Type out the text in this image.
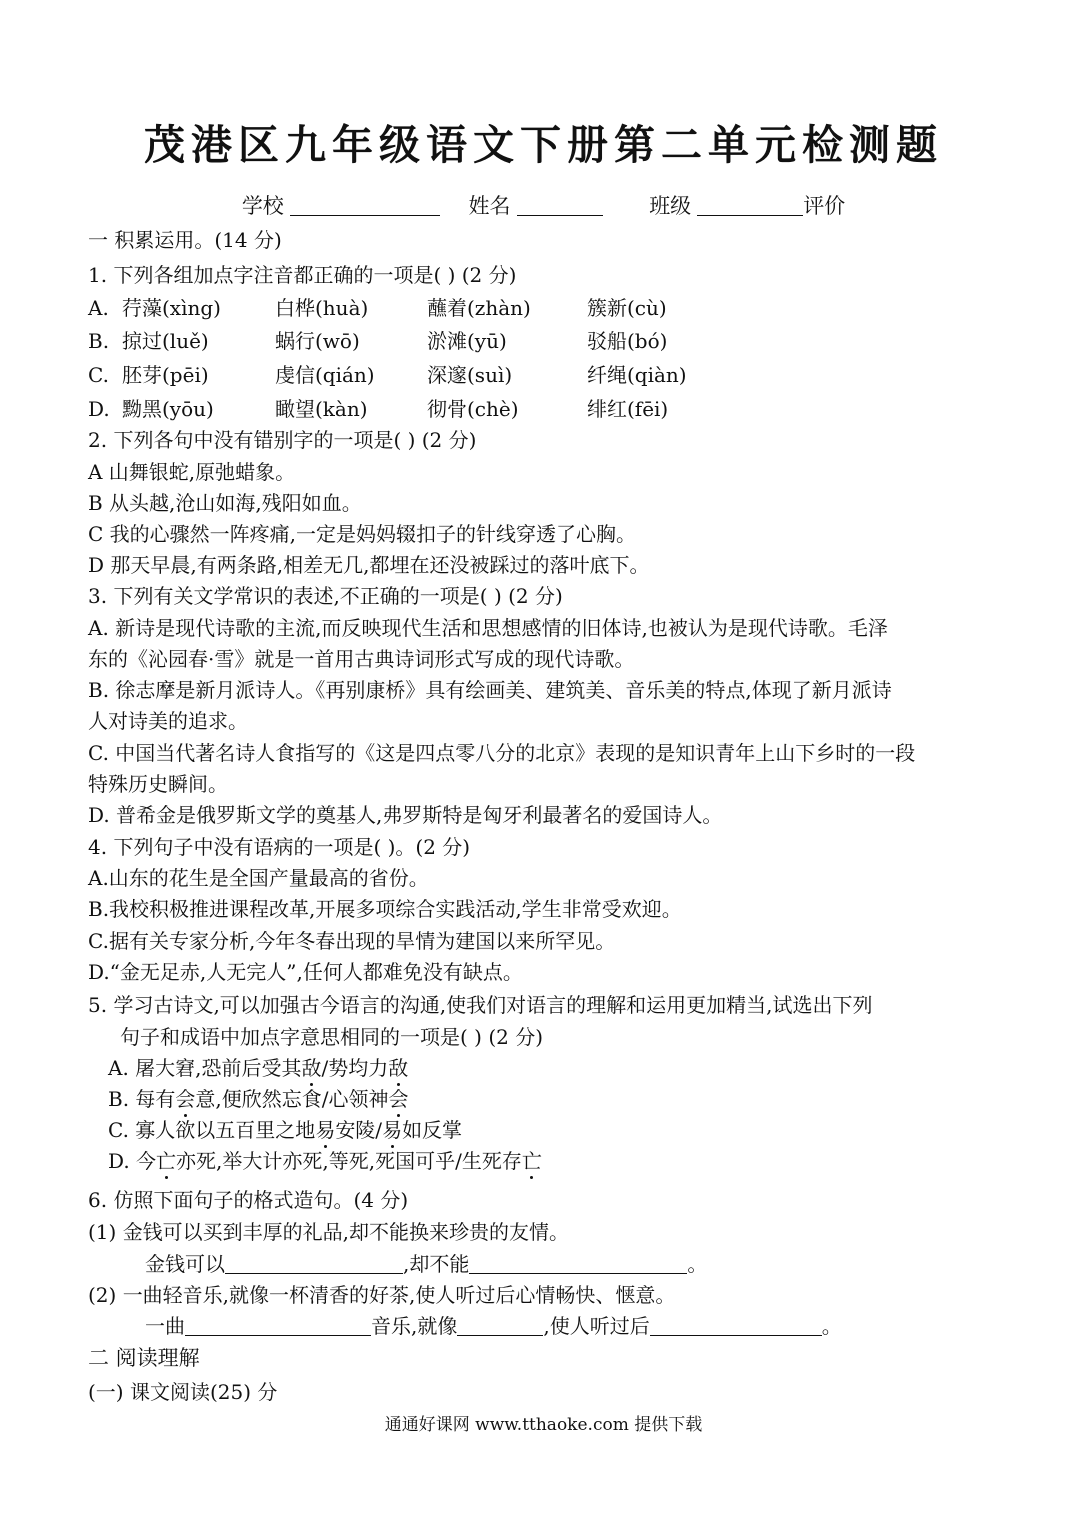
茂港区九年级语文下册第二单元检测题
学校	姓名	班级	评价
一 积累运用。(14 分)
1. 下列各组加点字注音都正确的一项是( ) (2 分)
A. 荇藻(xìng)	白桦(huà)	蘸着(zhàn)	簇新(cù)
B. 掠过(luě)	蜗行(wō)	淤滩(yū)	驳船(bó)
C. 胚芽(pēi)	虔信(qián)	深邃(suì)	纤绳(qiàn)
D. 黝黑(yōu)	瞰望(kàn)	彻骨(chè)	绯红(fēi)
2. 下列各句中没有错别字的一项是( ) (2 分)
A 山舞银蛇,原弛蜡象。
B 从头越,沧山如海,残阳如血。
C 我的心骤然一阵疼痛,一定是妈妈辍扣子的针线穿透了心胸。
D 那天早晨,有两条路,相差无几,都埋在还没被踩过的落叶底下。
3. 下列有关文学常识的表述,不正确的一项是( ) (2 分)
A. 新诗是现代诗歌的主流,而反映现代生活和思想感情的旧体诗,也被认为是现代诗歌。毛泽
东的《沁园春·雪》就是一首用古典诗词形式写成的现代诗歌。
B. 徐志摩是新月派诗人。《再别康桥》具有绘画美、建筑美、音乐美的特点,体现了新月派诗
人对诗美的追求。
C. 中国当代著名诗人食指写的《这是四点零八分的北京》表现的是知识青年上山下乡时的一段
特殊历史瞬间。
D. 普希金是俄罗斯文学的奠基人,弗罗斯特是匈牙利最著名的爱国诗人。
4. 下列句子中没有语病的一项是( )。(2 分)
A.山东的花生是全国产量最高的省份。
B.我校积极推进课程改革,开展多项综合实践活动,学生非常受欢迎。
C.据有关专家分析,今年冬春出现的旱情为建国以来所罕见。
D.“金无足赤,人无完人”,任何人都难免没有缺点。
5. 学习古诗文,可以加强古今语言的沟通,使我们对语言的理解和运用更加精当,试选出下列
句子和成语中加点字意思相同的一项是( ) (2 分)
A. 屠大窘,恐前后受其敌/势均力敌
B. 每有会意,便欣然忘食/心领神会
C. 寡人欲以五百里之地易安陵/易如反掌
D. 今亡亦死,举大计亦死,等死,死国可乎/生死存亡
6. 仿照下面句子的格式造句。(4 分)
(1) 金钱可以买到丰厚的礼品,却不能换来珍贵的友情。
金钱可以	,却不能	。
(2) 一曲轻音乐,就像一杯清香的好茶,使人听过后心情畅快、惬意。
一曲	音乐,就像	,使人听过后	。
二 阅读理解
(一) 课文阅读(25) 分
通通好课网 www.tthaoke.com 提供下载
